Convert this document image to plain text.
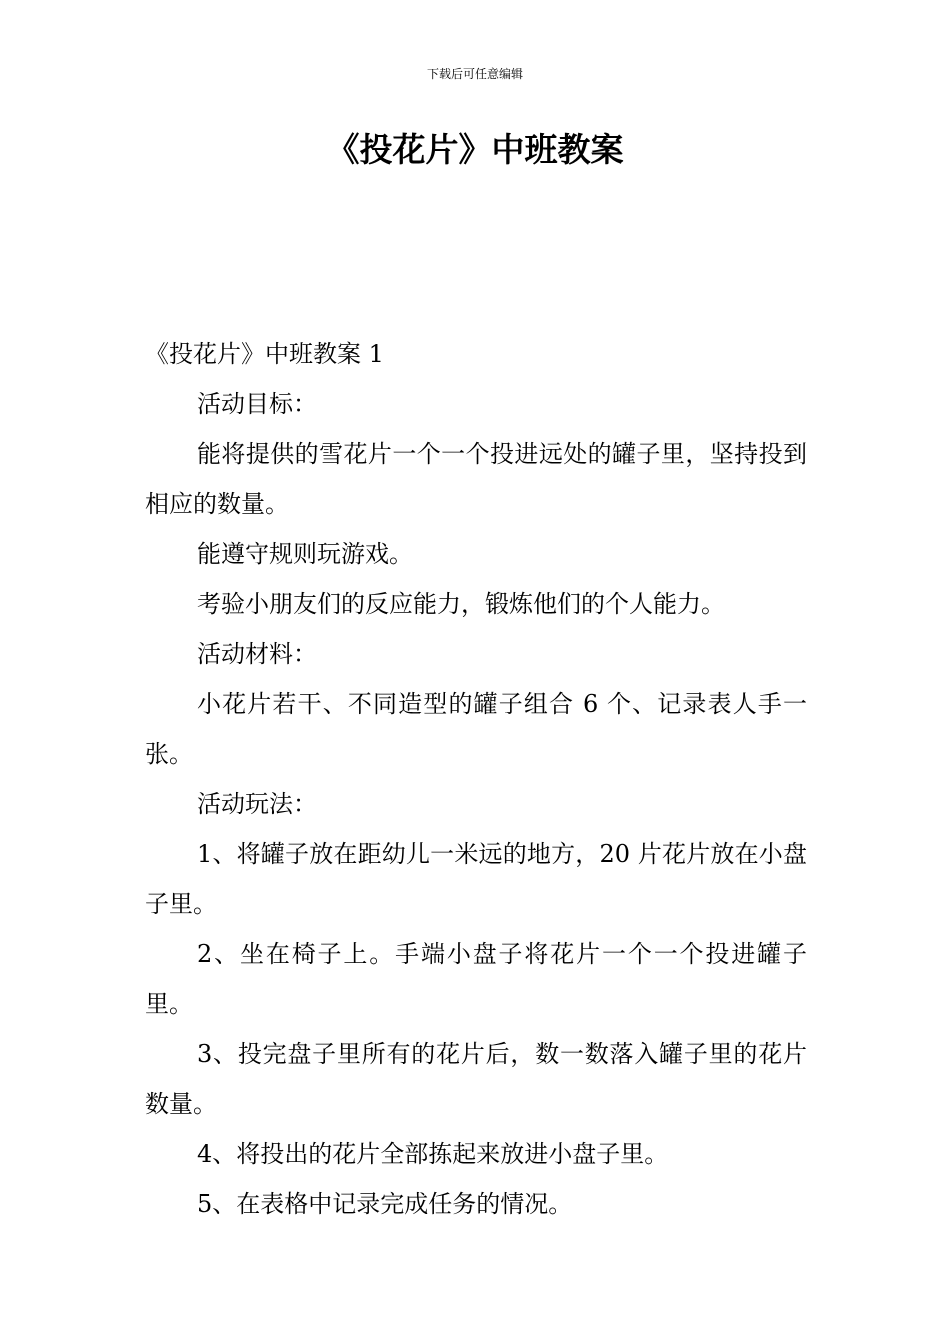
下载后可任意编辑
《投花片》中班教案

《投花片》中班教案 1

活动目标：

能将提供的雪花片一个一个投进远处的罐子里，坚持投到相应的数量。

能遵守规则玩游戏。

考验小朋友们的反应能力，锻炼他们的个人能力。

活动材料：

小花片若干、不同造型的罐子组合 6 个、记录表人手一张。

活动玩法：

1、将罐子放在距幼儿一米远的地方，20 片花片放在小盘子里。

2、坐在椅子上。手端小盘子将花片一个一个投进罐子里。

3、投完盘子里所有的花片后，数一数落入罐子里的花片数量。

4、将投出的花片全部拣起来放进小盘子里。

5、在表格中记录完成任务的情况。
